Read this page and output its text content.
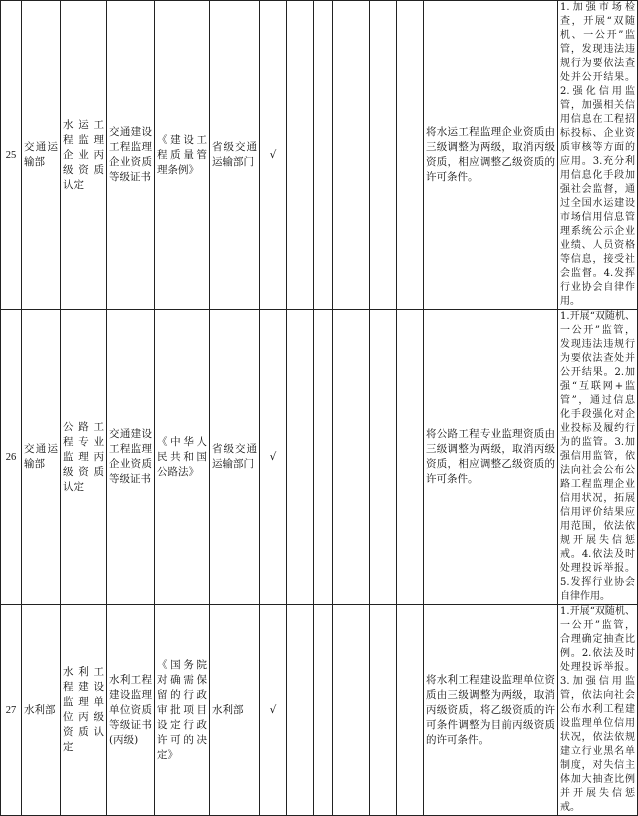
25	交通运输部	水运工程监理企业丙级资质认定	交通建设工程监理企业资质等级证书	《建设工程质量管理条例》	省级交通运输部门	√						将水运工程监理企业资质由三级调整为两级，取消丙级资质，相应调整乙级资质的许可条件。	1.加强市场检查，开展“双随机、一公开”监管，发现违法违规行为要依法查处并公开结果。2.强化信用监管，加强相关信用信息在工程招标投标、企业资质审核等方面的应用。3.充分利用信息化手段加强社会监督，通过全国水运建设市场信用信息管理系统公示企业业绩、人员资格等信息，接受社会监督。4.发挥行业协会自律作用。
26	交通运输部	公路工程专业监理丙级资质认定	交通建设工程监理企业资质等级证书	《中华人民共和国公路法》	省级交通运输部门	√						将公路工程专业监理资质由三级调整为两级，取消丙级资质，相应调整乙级资质的许可条件。	1.开展“双随机、一公开”监管，发现违法违规行为要依法查处并公开结果。2.加强“互联网+监管”，通过信息化手段强化对企业投标及履约行为的监管。3.加强信用监管，依法向社会公布公路工程监理企业信用状况，拓展信用评价结果应用范围，依法依规开展失信惩戒。4.依法及时处理投诉举报。5.发挥行业协会自律作用。
27	水利部	水利工程建设监理单位丙级资质认定	水利工程建设监理单位资质等级证书(丙级)	《国务院对确需保留的行政审批项目设定行政许可的决定》	水利部	√						将水利工程建设监理单位资质由三级调整为两级，取消丙级资质，将乙级资质的许可条件调整为目前丙级资质的许可条件。	1.开展“双随机、一公开”监管，合理确定抽查比例。2.依法及时处理投诉举报。3.加强信用监管，依法向社会公布水利工程建设监理单位信用状况，依法依规建立行业黑名单制度，对失信主体加大抽查比例并开展失信惩戒。
